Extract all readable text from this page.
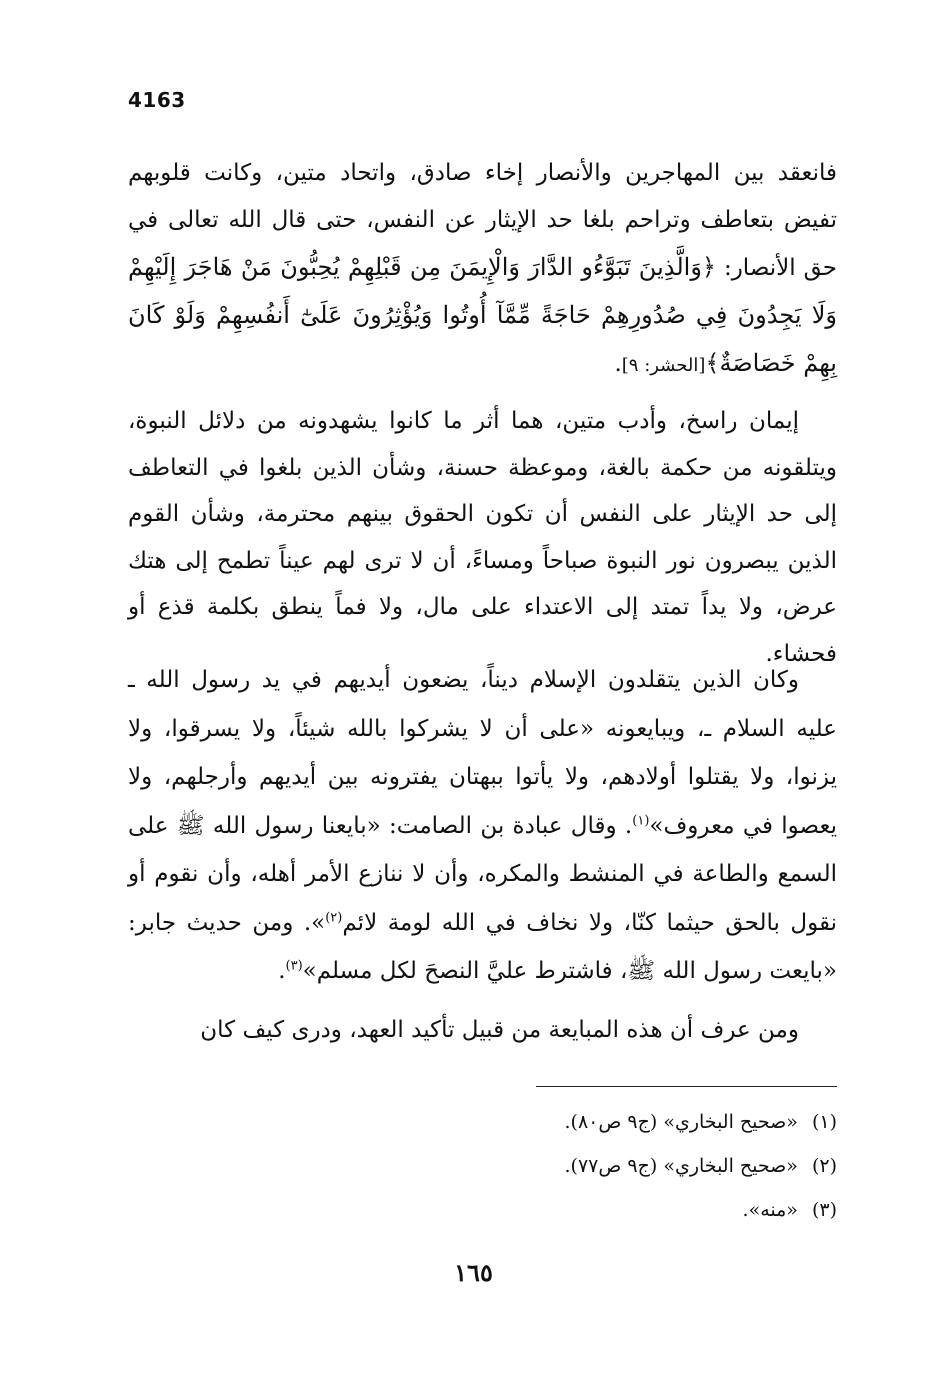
4163

فانعقد بين المهاجرين والأنصار إخاء صادق، واتحاد متين، وكانت قلوبهم تفيض بتعاطف وتراحم بلغا حد الإيثار عن النفس، حتى قال الله تعالى في حق الأنصار: ﴿وَالَّذِينَ تَبَوَّءُو الدَّارَ وَالْإِيمَنَ مِن قَبْلِهِمْ يُحِبُّونَ مَنْ هَاجَرَ إِلَيْهِمْ وَلَا يَجِدُونَ فِي صُدُورِهِمْ حَاجَةً مِّمَّآ أُوتُوا وَيُؤْثِرُونَ عَلَىٰٓ أَنفُسِهِمْ وَلَوْ كَانَ بِهِمْ خَصَاصَةٌ﴾[الحشر: ٩].

إيمان راسخ، وأدب متين، هما أثر ما كانوا يشهدونه من دلائل النبوة، ويتلقونه من حكمة بالغة، وموعظة حسنة، وشأن الذين بلغوا في التعاطف إلى حد الإيثار على النفس أن تكون الحقوق بينهم محترمة، وشأن القوم الذين يبصرون نور النبوة صباحاً ومساءً، أن لا ترى لهم عيناً تطمح إلى هتك عرض، ولا يداً تمتد إلى الاعتداء على مال، ولا فماً ينطق بكلمة قذع أو فحشاء.

وكان الذين يتقلدون الإسلام ديناً، يضعون أيديهم في يد رسول الله ـ عليه السلام ـ، ويبايعونه «على أن لا يشركوا بالله شيئاً، ولا يسرقوا، ولا يزنوا، ولا يقتلوا أولادهم، ولا يأتوا ببهتان يفترونه بين أيديهم وأرجلهم، ولا يعصوا في معروف»$^{(١)}$. وقال عبادة بن الصامت: «بايعنا رسول الله ﷺ على السمع والطاعة في المنشط والمكره، وأن لا ننازع الأمر أهله، وأن نقوم أو نقول بالحق حيثما كنّا، ولا نخاف في الله لومة لائم$^{(٢)}$». ومن حديث جابر: «بايعت رسول الله ﷺ، فاشترط عليَّ النصحَ لكل مسلم»$^{(٣)}$.

ومن عرف أن هذه المبايعة من قبيل تأكيد العهد، ودرى كيف كان

(١)«صحيح البخاري» (ج٩ ص٨٠).
(٢)«صحيح البخاري» (ج٩ ص٧٧).
(٣)«منه».
١٦٥
